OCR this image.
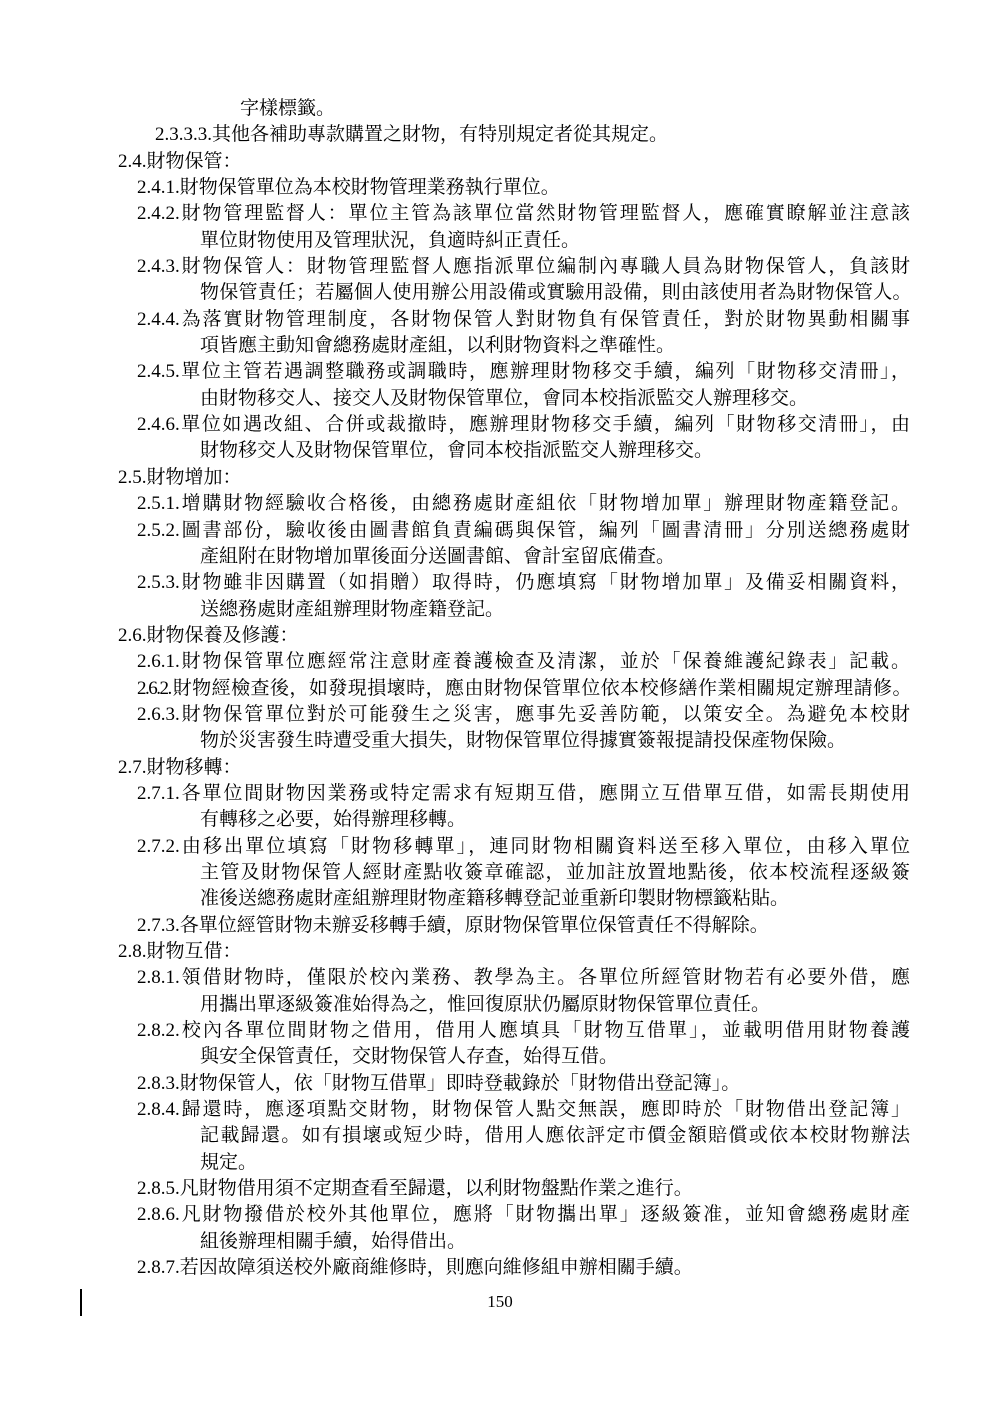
字樣標籤。
2.3.3.3.其他各補助專款購置之財物，有特別規定者從其規定。
2.4.財物保管：
2.4.1.財物保管單位為本校財物管理業務執行單位。
2.4.2.財物管理監督人：單位主管為該單位當然財物管理監督人，應確實瞭解並注意該
單位財物使用及管理狀況，負適時糾正責任。
2.4.3.財物保管人：財物管理監督人應指派單位編制內專職人員為財物保管人，負該財
物保管責任；若屬個人使用辦公用設備或實驗用設備，則由該使用者為財物保管人。
2.4.4.為落實財物管理制度，各財物保管人對財物負有保管責任，對於財物異動相關事
項皆應主動知會總務處財產組，以利財物資料之準確性。
2.4.5.單位主管若遇調整職務或調職時，應辦理財物移交手續，編列「財物移交清冊」，
由財物移交人、接交人及財物保管單位，會同本校指派監交人辦理移交。
2.4.6.單位如遇改組、合併或裁撤時，應辦理財物移交手續，編列「財物移交清冊」，由
財物移交人及財物保管單位，會同本校指派監交人辦理移交。
2.5.財物增加：
2.5.1.增購財物經驗收合格後，由總務處財產組依「財物增加單」辦理財物產籍登記。
2.5.2.圖書部份，驗收後由圖書館負責編碼與保管，編列「圖書清冊」分別送總務處財
產組附在財物增加單後面分送圖書館、會計室留底備查。
2.5.3.財物雖非因購置（如捐贈）取得時，仍應填寫「財物增加單」及備妥相關資料，
送總務處財產組辦理財物產籍登記。
2.6.財物保養及修護：
2.6.1.財物保管單位應經常注意財產養護檢查及清潔，並於「保養維護紀錄表」記載。
2.6.2.財物經檢查後，如發現損壞時，應由財物保管單位依本校修繕作業相關規定辦理請修。
2.6.3.財物保管單位對於可能發生之災害，應事先妥善防範，以策安全。為避免本校財
物於災害發生時遭受重大損失，財物保管單位得據實簽報提請投保產物保險。
2.7.財物移轉：
2.7.1.各單位間財物因業務或特定需求有短期互借，應開立互借單互借，如需長期使用
有轉移之必要，始得辦理移轉。
2.7.2.由移出單位填寫「財物移轉單」，連同財物相關資料送至移入單位，由移入單位
主管及財物保管人經財產點收簽章確認，並加註放置地點後，依本校流程逐級簽
准後送總務處財產組辦理財物產籍移轉登記並重新印製財物標籤粘貼。
2.7.3.各單位經管財物未辦妥移轉手續，原財物保管單位保管責任不得解除。
2.8.財物互借：
2.8.1.領借財物時，僅限於校內業務、教學為主。各單位所經管財物若有必要外借，應
用攜出單逐級簽准始得為之，惟回復原狀仍屬原財物保管單位責任。
2.8.2.校內各單位間財物之借用，借用人應填具「財物互借單」，並載明借用財物養護
與安全保管責任，交財物保管人存查，始得互借。
2.8.3.財物保管人，依「財物互借單」即時登載錄於「財物借出登記簿」。
2.8.4.歸還時，應逐項點交財物，財物保管人點交無誤，應即時於「財物借出登記簿」
記載歸還。如有損壞或短少時，借用人應依評定市價金額賠償或依本校財物辦法
規定。
2.8.5.凡財物借用須不定期查看至歸還，以利財物盤點作業之進行。
2.8.6.凡財物撥借於校外其他單位，應將「財物攜出單」逐級簽准，並知會總務處財產
組後辦理相關手續，始得借出。
2.8.7.若因故障須送校外廠商維修時，則應向維修組申辦相關手續。
150
